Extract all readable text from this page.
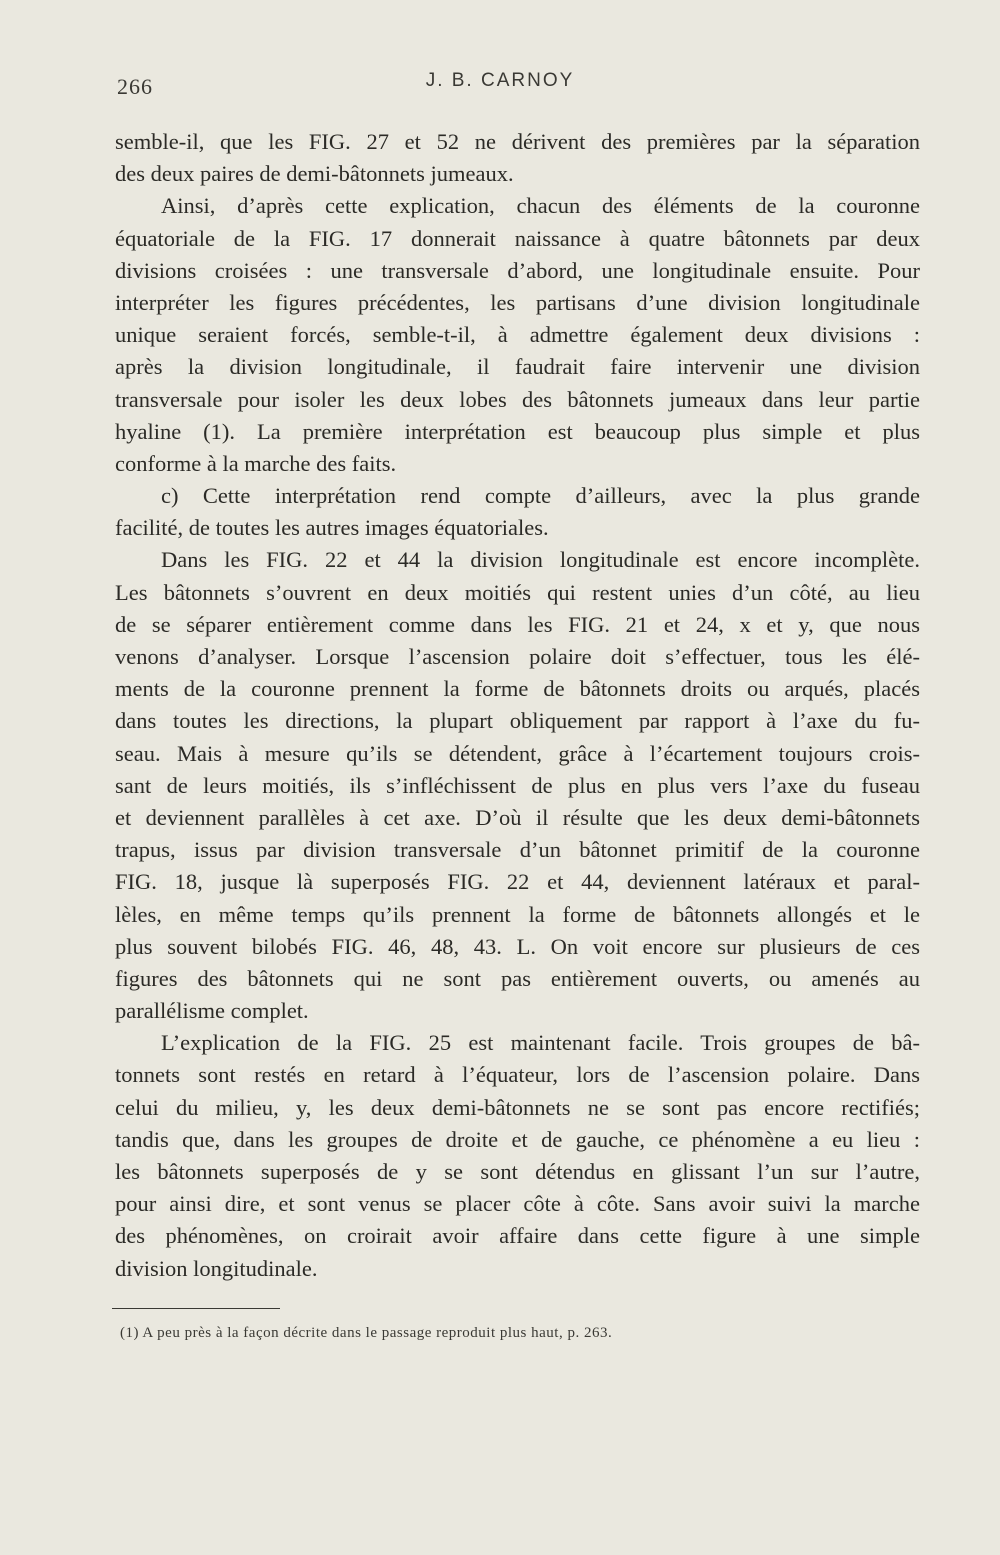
266	J. B. CARNOY
semble-il, que les FIG. 27 et 52 ne dérivent des premières par la séparation
des deux paires de demi-bâtonnets jumeaux.
Ainsi, d’après cette explication, chacun des éléments de la couronne
équatoriale de la FIG. 17 donnerait naissance à quatre bâtonnets par deux
divisions croisées : une transversale d’abord, une longitudinale ensuite. Pour
interpréter les figures précédentes, les partisans d’une division longitudinale
unique seraient forcés, semble-t-il, à admettre également deux divisions :
après la division longitudinale, il faudrait faire intervenir une division
transversale pour isoler les deux lobes des bâtonnets jumeaux dans leur partie
hyaline (1). La première interprétation est beaucoup plus simple et plus
conforme à la marche des faits.
c) Cette interprétation rend compte d’ailleurs, avec la plus grande
facilité, de toutes les autres images équatoriales.
Dans les FIG. 22 et 44 la division longitudinale est encore incomplète.
Les bâtonnets s’ouvrent en deux moitiés qui restent unies d’un côté, au lieu
de se séparer entièrement comme dans les FIG. 21 et 24, x et y, que nous
venons d’analyser. Lorsque l’ascension polaire doit s’effectuer, tous les élé-
ments de la couronne prennent la forme de bâtonnets droits ou arqués, placés
dans toutes les directions, la plupart obliquement par rapport à l’axe du fu-
seau. Mais à mesure qu’ils se détendent, grâce à l’écartement toujours crois-
sant de leurs moitiés, ils s’infléchissent de plus en plus vers l’axe du fuseau
et deviennent parallèles à cet axe. D’où il résulte que les deux demi-bâtonnets
trapus, issus par division transversale d’un bâtonnet primitif de la couronne
FIG. 18, jusque là superposés FIG. 22 et 44, deviennent latéraux et paral-
lèles, en même temps qu’ils prennent la forme de bâtonnets allongés et le
plus souvent bilobés FIG. 46, 48, 43. L. On voit encore sur plusieurs de ces
figures des bâtonnets qui ne sont pas entièrement ouverts, ou amenés au
parallélisme complet.
L’explication de la FIG. 25 est maintenant facile. Trois groupes de bâ-
tonnets sont restés en retard à l’équateur, lors de l’ascension polaire. Dans
celui du milieu, y, les deux demi-bâtonnets ne se sont pas encore rectifiés;
tandis que, dans les groupes de droite et de gauche, ce phénomène a eu lieu :
les bâtonnets superposés de y se sont détendus en glissant l’un sur l’autre,
pour ainsi dire, et sont venus se placer côte à côte. Sans avoir suivi la marche
des phénomènes, on croirait avoir affaire dans cette figure à une simple
division longitudinale.
(1) A peu près à la façon décrite dans le passage reproduit plus haut, p. 263.
